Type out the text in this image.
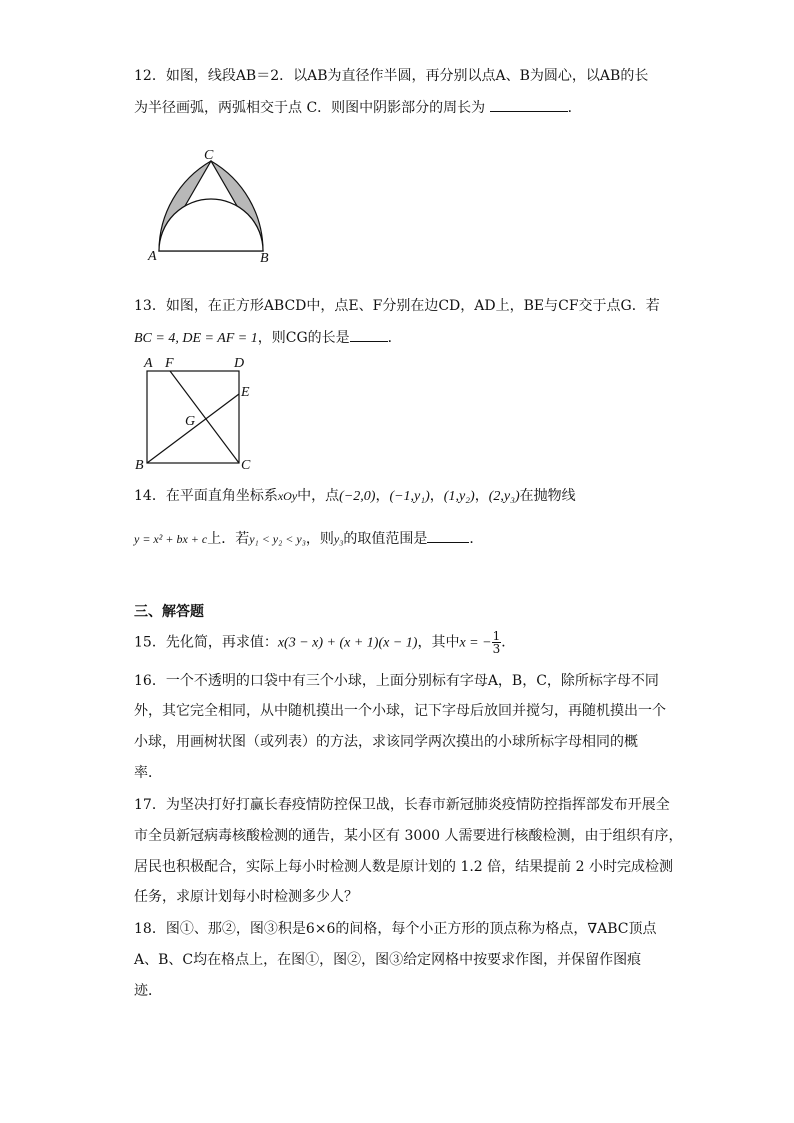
12．如图，线段AB＝2．以AB为直径作半圆，再分别以点A、B为圆心，以AB的长
为半径画弧，两弧相交于点 C．则图中阴影部分的周长为	．
C
A	B
13．如图，在正方形ABCD中，点E、F分别在边CD，AD上，BE与CF交于点G．若
BC = 4, DE = AF = 1，则CG的长是	．
A F	D
E
G
B	C
14．在平面直角坐标系xOy中，点(−2,0)，(−1,y₁)，(1,y₂)，(2,y₃)在抛物线
y = x² + bx + c上．若y₁ < y₂ < y₃，则y₃的取值范围是	．
三、解答题
15．先化简，再求值：x(3 − x) + (x + 1)(x − 1)，其中x = − $\frac{1}{3}$ ．
16．一个不透明的口袋中有三个小球，上面分别标有字母A，B，C，除所标字母不同
外，其它完全相同，从中随机摸出一个小球，记下字母后放回并搅匀，再随机摸出一个
小球，用画树状图（或列表）的方法，求该同学两次摸出的小球所标字母相同的概
率．
17．为坚决打好打赢长春疫情防控保卫战，长春市新冠肺炎疫情防控指挥部发布开展全
市全员新冠病毒核酸检测的通告，某小区有 3000 人需要进行核酸检测，由于组织有序，
居民也积极配合，实际上每小时检测人数是原计划的 1.2 倍，结果提前 2 小时完成检测
任务，求原计划每小时检测多少人？
18．图①、那②，图③积是6×6的间格，每个小正方形的顶点称为格点，∇ABC顶点
A、B、C均在格点上，在图①，图②，图③给定网格中按要求作图，并保留作图痕
迹．
